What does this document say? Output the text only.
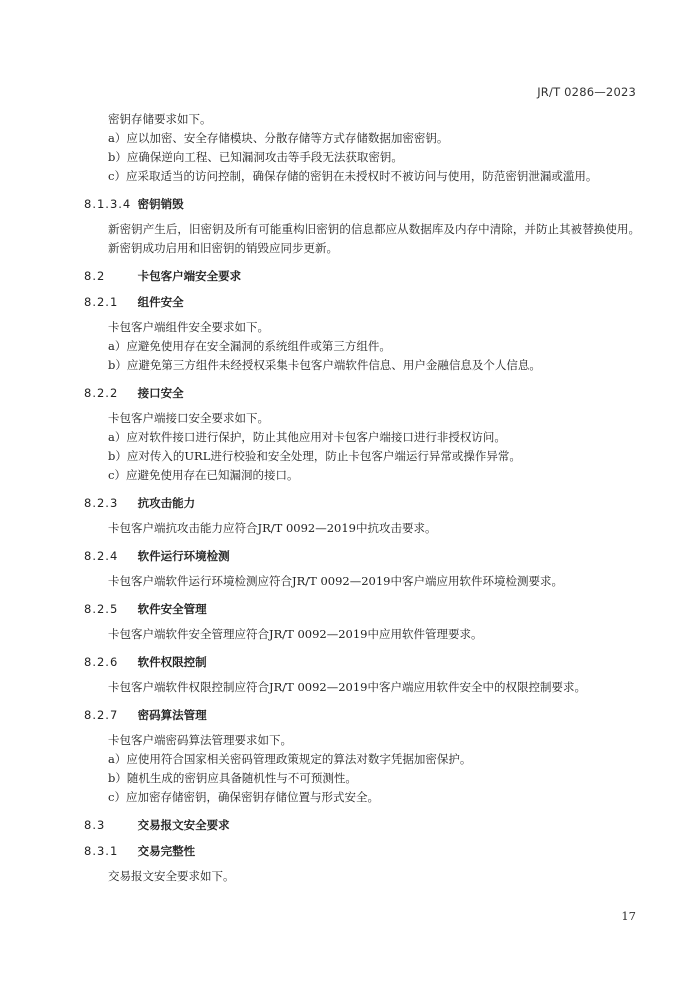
JR/T 0286—2023

密钥存储要求如下。

a）应以加密、安全存储模块、分散存储等方式存储数据加密密钥。

b）应确保逆向工程、已知漏洞攻击等手段无法获取密钥。

c）应采取适当的访问控制，确保存储的密钥在未授权时不被访问与使用，防范密钥泄漏或滥用。

8.1.3.4 密钥销毁

新密钥产生后，旧密钥及所有可能重构旧密钥的信息都应从数据库及内存中清除，并防止其被替换使用。新密钥成功启用和旧密钥的销毁应同步更新。

8.2	卡包客户端安全要求
8.2.1 组件安全

卡包客户端组件安全要求如下。

a）应避免使用存在安全漏洞的系统组件或第三方组件。

b）应避免第三方组件未经授权采集卡包客户端软件信息、用户金融信息及个人信息。

8.2.2 接口安全

卡包客户端接口安全要求如下。

a）应对软件接口进行保护，防止其他应用对卡包客户端接口进行非授权访问。

b）应对传入的URL进行校验和安全处理，防止卡包客户端运行异常或操作异常。

c）应避免使用存在已知漏洞的接口。

8.2.3 抗攻击能力

卡包客户端抗攻击能力应符合JR/T 0092—2019中抗攻击要求。

8.2.4 软件运行环境检测

卡包客户端软件运行环境检测应符合JR/T 0092—2019中客户端应用软件环境检测要求。

8.2.5 软件安全管理

卡包客户端软件安全管理应符合JR/T 0092—2019中应用软件管理要求。

8.2.6 软件权限控制

卡包客户端软件权限控制应符合JR/T 0092—2019中客户端应用软件安全中的权限控制要求。

8.2.7 密码算法管理

卡包客户端密码算法管理要求如下。

a）应使用符合国家相关密码管理政策规定的算法对数字凭据加密保护。

b）随机生成的密钥应具备随机性与不可预测性。

c）应加密存储密钥，确保密钥存储位置与形式安全。

8.3	交易报文安全要求
8.3.1 交易完整性

交易报文安全要求如下。

17
